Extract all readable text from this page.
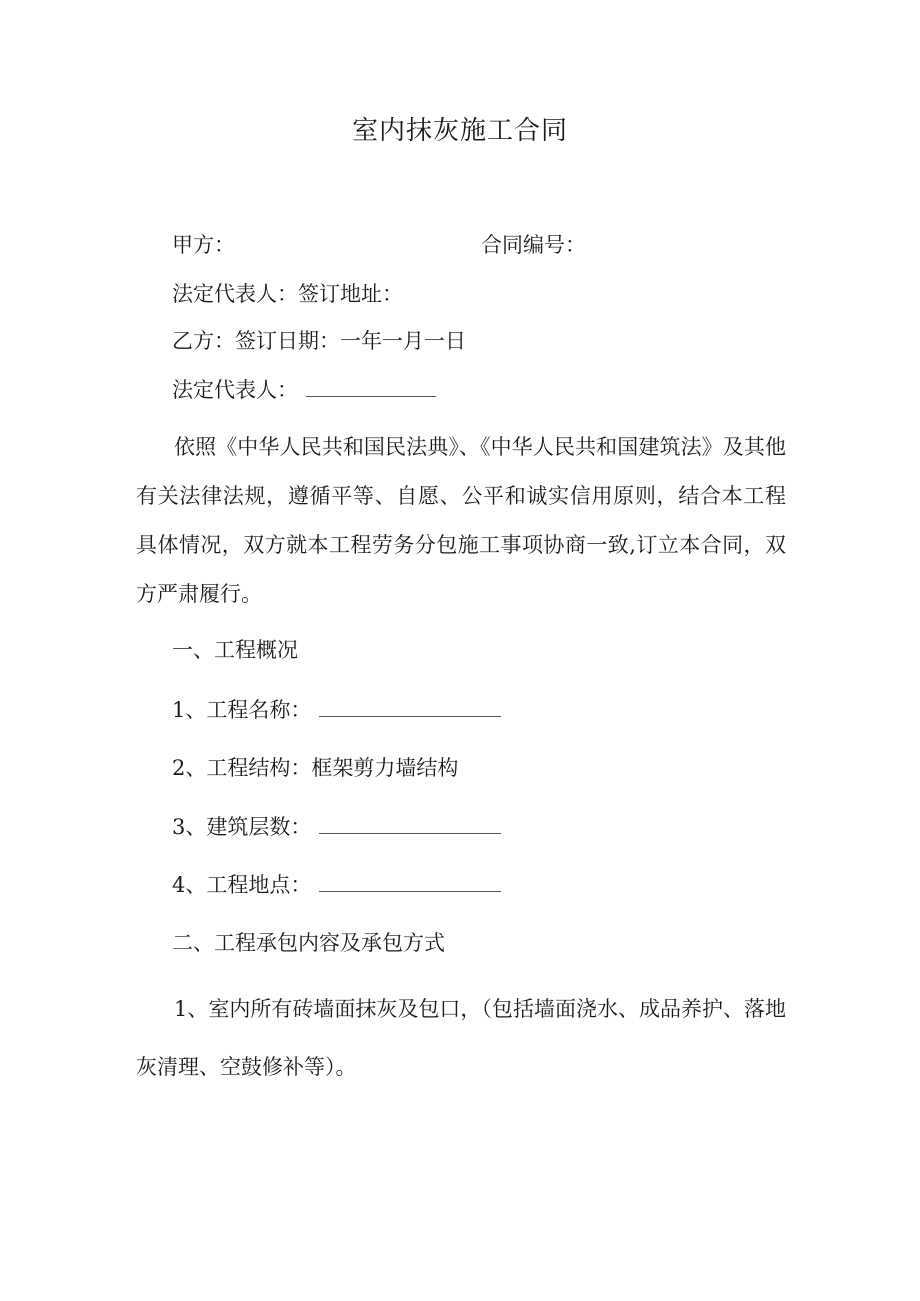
室内抹灰施工合同
甲方：	合同编号：
法定代表人：签订地址：
乙方：签订日期：一年一月一日
法定代表人：
依照《中华人民共和国民法典》、《中华人民共和国建筑法》及其他有关法律法规，遵循平等、自愿、公平和诚实信用原则，结合本工程具体情况，双方就本工程劳务分包施工事项协商一致,订立本合同，双方严肃履行。
一、工程概况
1、工程名称：
2、工程结构：框架剪力墙结构
3、建筑层数：
4、工程地点：
二、工程承包内容及承包方式
1、室内所有砖墙面抹灰及包口，（包括墙面浇水、成品养护、落地灰清理、空鼓修补等）。
